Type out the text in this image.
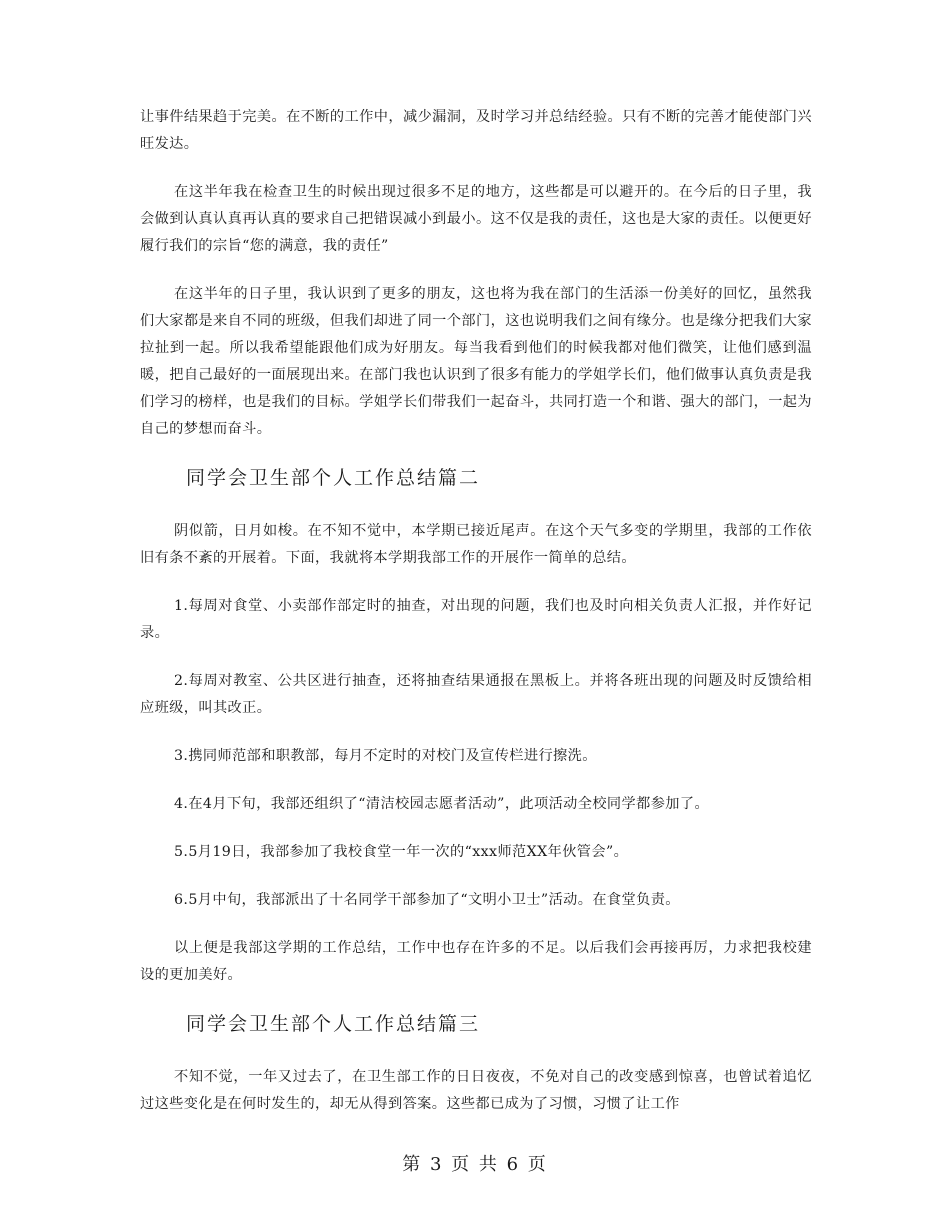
让事件结果趋于完美。在不断的工作中，减少漏洞，及时学习并总结经验。只有不断的完善才能使部门兴旺发达。

在这半年我在检查卫生的时候出现过很多不足的地方，这些都是可以避开的。在今后的日子里，我会做到认真认真再认真的要求自己把错误减小到最小。这不仅是我的责任，这也是大家的责任。以便更好履行我们的宗旨“您的满意，我的责任”

在这半年的日子里，我认识到了更多的朋友，这也将为我在部门的生活添一份美好的回忆，虽然我们大家都是来自不同的班级，但我们却进了同一个部门，这也说明我们之间有缘分。也是缘分把我们大家拉扯到一起。所以我希望能跟他们成为好朋友。每当我看到他们的时候我都对他们微笑，让他们感到温暖，把自己最好的一面展现出来。在部门我也认识到了很多有能力的学姐学长们，他们做事认真负责是我们学习的榜样，也是我们的目标。学姐学长们带我们一起奋斗，共同打造一个和谐、强大的部门，一起为自己的梦想而奋斗。

同学会卫生部个人工作总结篇二

阴似箭，日月如梭。在不知不觉中，本学期已接近尾声。在这个天气多变的学期里，我部的工作依旧有条不紊的开展着。下面，我就将本学期我部工作的开展作一简单的总结。

1.每周对食堂、小卖部作部定时的抽查，对出现的问题，我们也及时向相关负责人汇报，并作好记录。

2.每周对教室、公共区进行抽查，还将抽查结果通报在黑板上。并将各班出现的问题及时反馈给相应班级，叫其改正。

3.携同师范部和职教部，每月不定时的对校门及宣传栏进行擦洗。

4.在4月下旬，我部还组织了“清洁校园志愿者活动”，此项活动全校同学都参加了。

5.5月19日，我部参加了我校食堂一年一次的“xxx师范XX年伙管会”。

6.5月中旬，我部派出了十名同学干部参加了“文明小卫士”活动。在食堂负责。

以上便是我部这学期的工作总结，工作中也存在许多的不足。以后我们会再接再厉，力求把我校建设的更加美好。

同学会卫生部个人工作总结篇三

不知不觉，一年又过去了，在卫生部工作的日日夜夜，不免对自己的改变感到惊喜，也曾试着追忆过这些变化是在何时发生的，却无从得到答案。这些都已成为了习惯，习惯了让工作

第 3 页 共 6 页
